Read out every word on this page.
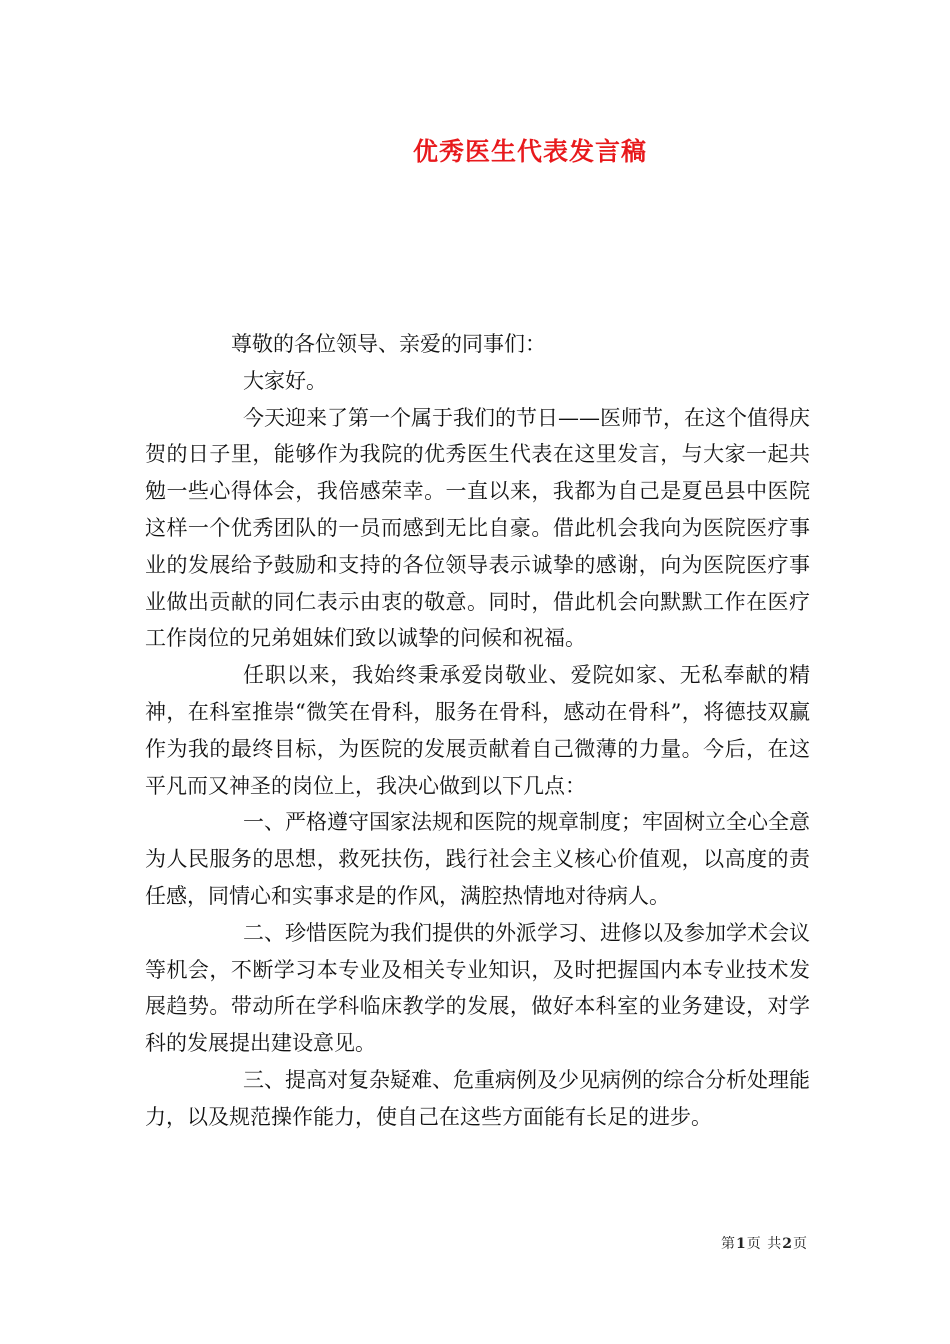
优秀医生代表发言稿

尊敬的各位领导、亲爱的同事们：

大家好。

今天迎来了第一个属于我们的节日——医师节，在这个值得庆贺的日子里，能够作为我院的优秀医生代表在这里发言，与大家一起共勉一些心得体会，我倍感荣幸。一直以来，我都为自己是夏邑县中医院这样一个优秀团队的一员而感到无比自豪。借此机会我向为医院医疗事业的发展给予鼓励和支持的各位领导表示诚挚的感谢，向为医院医疗事业做出贡献的同仁表示由衷的敬意。同时，借此机会向默默工作在医疗工作岗位的兄弟姐妹们致以诚挚的问候和祝福。

任职以来，我始终秉承爱岗敬业、爱院如家、无私奉献的精神，在科室推崇“微笑在骨科，服务在骨科，感动在骨科”，将德技双赢作为我的最终目标，为医院的发展贡献着自己微薄的力量。今后，在这平凡而又神圣的岗位上，我决心做到以下几点：

一、严格遵守国家法规和医院的规章制度；牢固树立全心全意为人民服务的思想，救死扶伤，践行社会主义核心价值观，以高度的责任感，同情心和实事求是的作风，满腔热情地对待病人。

二、珍惜医院为我们提供的外派学习、进修以及参加学术会议等机会，不断学习本专业及相关专业知识，及时把握国内本专业技术发展趋势。带动所在学科临床教学的发展，做好本科室的业务建设，对学科的发展提出建设意见。

三、提高对复杂疑难、危重病例及少见病例的综合分析处理能力，以及规范操作能力，使自己在这些方面能有长足的进步。

第1页 共2页
